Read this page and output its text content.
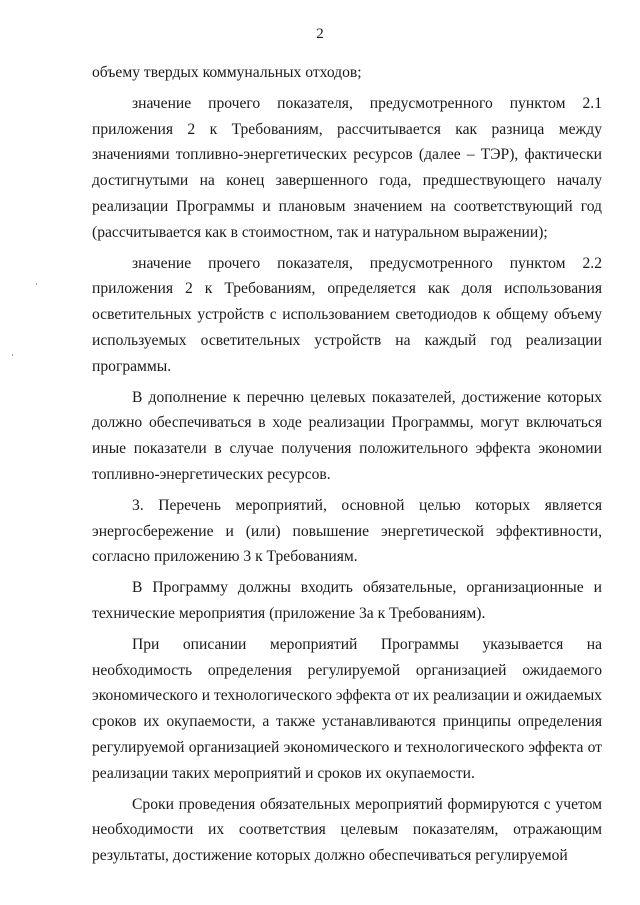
2

объему твердых коммунальных отходов;

значение прочего показателя, предусмотренного пунктом 2.1 приложения 2 к Требованиям, рассчитывается как разница между значениями топливно-энергетических ресурсов (далее – ТЭР), фактически достигнутыми на конец завершенного года, предшествующего началу реализации Программы и плановым значением на соответствующий год (рассчитывается как в стоимостном, так и натуральном выражении);

значение прочего показателя, предусмотренного пунктом 2.2 приложения 2 к Требованиям, определяется как доля использования осветительных устройств с использованием светодиодов к общему объему используемых осветительных устройств на каждый год реализации программы.

В дополнение к перечню целевых показателей, достижение которых должно обеспечиваться в ходе реализации Программы, могут включаться иные показатели в случае получения положительного эффекта экономии топливно-энергетических ресурсов.

3. Перечень мероприятий, основной целью которых является энергосбережение и (или) повышение энергетической эффективности, согласно приложению 3 к Требованиям.

В Программу должны входить обязательные, организационные и технические мероприятия (приложение 3а к Требованиям).

При описании мероприятий Программы указывается на необходимость определения регулируемой организацией ожидаемого экономического и технологического эффекта от их реализации и ожидаемых сроков их окупаемости, а также устанавливаются принципы определения регулируемой организацией экономического и технологического эффекта от реализации таких мероприятий и сроков их окупаемости.

Сроки проведения обязательных мероприятий формируются с учетом необходимости их соответствия целевым показателям, отражающим результаты, достижение которых должно обеспечиваться регулируемой
